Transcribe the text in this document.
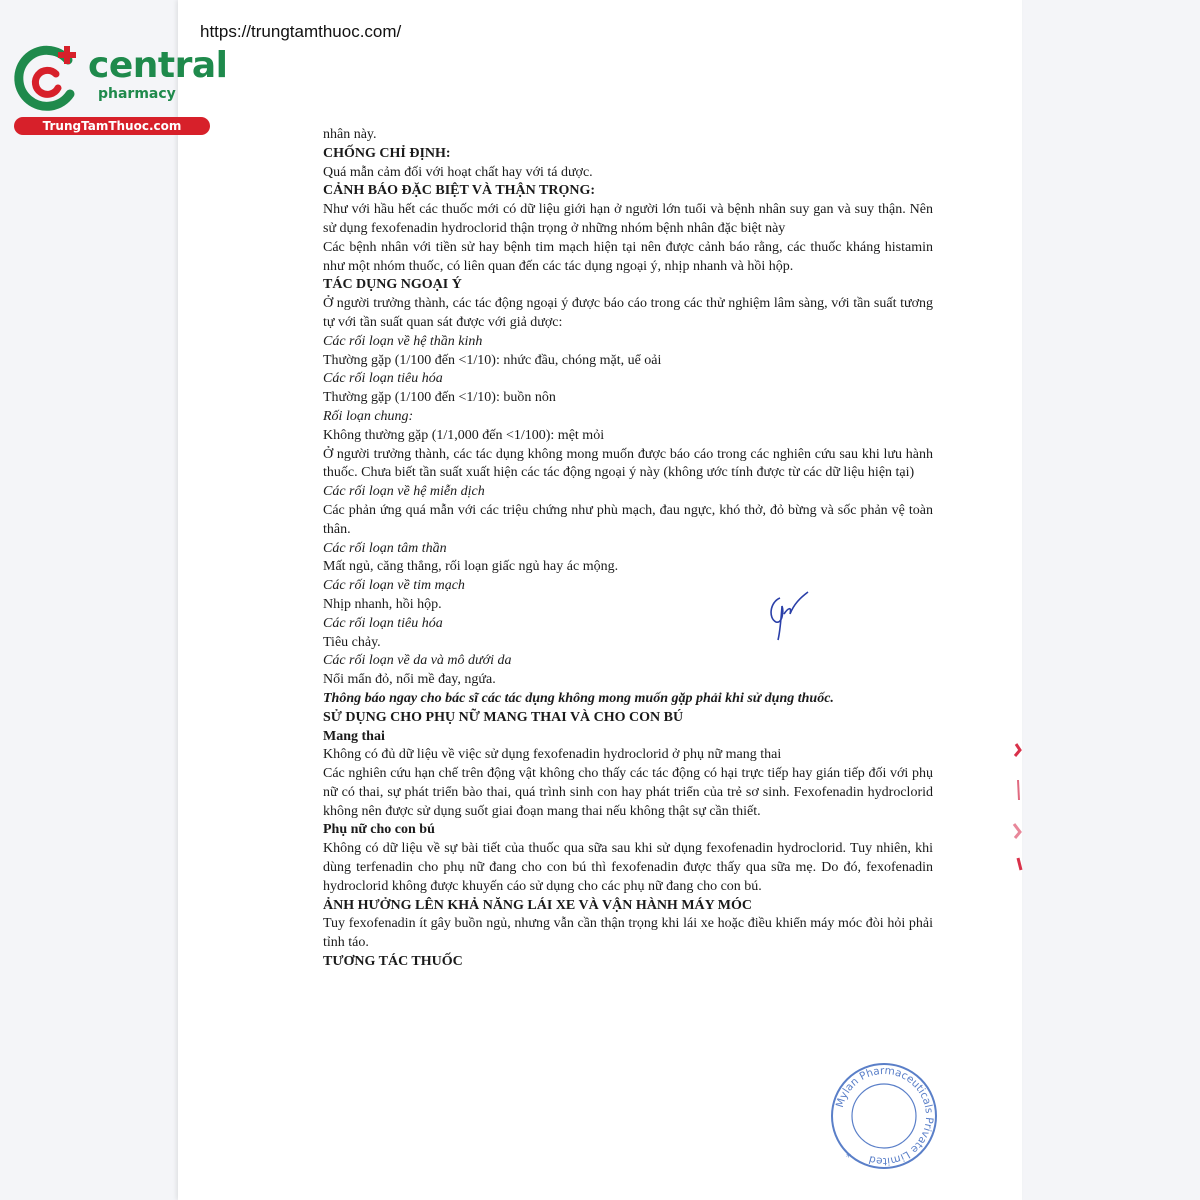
https://trungtamthuoc.com/
central
pharmacy
TrungTamThuoc.com

nhân này.

CHỐNG CHỈ ĐỊNH:

Quá mẫn cảm đối với hoạt chất hay với tá dược.

CẢNH BÁO ĐẶC BIỆT VÀ THẬN TRỌNG:

Như với hầu hết các thuốc mới có dữ liệu giới hạn ở người lớn tuổi và bệnh nhân suy gan và suy thận. Nên sử dụng fexofenadin hydroclorid thận trọng ở những nhóm bệnh nhân đặc biệt này

Các bệnh nhân với tiền sử hay bệnh tim mạch hiện tại nên được cảnh báo rằng, các thuốc kháng histamin như một nhóm thuốc, có liên quan đến các tác dụng ngoại ý, nhịp nhanh và hồi hộp.

TÁC DỤNG NGOẠI Ý

Ở người trưởng thành, các tác động ngoại ý được báo cáo trong các thử nghiệm lâm sàng, với tần suất tương tự với tần suất quan sát được với giả dược:

Các rối loạn về hệ thần kinh

Thường gặp (1/100 đến <1/10): nhức đầu, chóng mặt, uể oải

Các rối loạn tiêu hóa

Thường gặp (1/100 đến <1/10): buồn nôn

Rối loạn chung:

Không thường gặp (1/1,000 đến <1/100): mệt mỏi

Ở người trưởng thành, các tác dụng không mong muốn được báo cáo trong các nghiên cứu sau khi lưu hành thuốc. Chưa biết tần suất xuất hiện các tác động ngoại ý này (không ước tính được từ các dữ liệu hiện tại)

Các rối loạn về hệ miễn dịch

Các phản ứng quá mẫn với các triệu chứng như phù mạch, đau ngực, khó thở, đỏ bừng và sốc phản vệ toàn thân.

Các rối loạn tâm thần

Mất ngủ, căng thẳng, rối loạn giấc ngủ hay ác mộng.

Các rối loạn về tim mạch

Nhịp nhanh, hồi hộp.

Các rối loạn tiêu hóa

Tiêu chảy.

Các rối loạn về da và mô dưới da

Nổi mẩn đỏ, nổi mề đay, ngứa.

Thông báo ngay cho bác sĩ các tác dụng không mong muốn gặp phải khi sử dụng thuốc.

SỬ DỤNG CHO PHỤ NỮ MANG THAI VÀ CHO CON BÚ

Mang thai

Không có đủ dữ liệu về việc sử dụng fexofenadin hydroclorid ở phụ nữ mang thai

Các nghiên cứu hạn chế trên động vật không cho thấy các tác động có hại trực tiếp hay gián tiếp đối với phụ nữ có thai, sự phát triển bào thai, quá trình sinh con hay phát triển của trẻ sơ sinh. Fexofenadin hydroclorid không nên được sử dụng suốt giai đoạn mang thai nếu không thật sự cần thiết.

Phụ nữ cho con bú

Không có dữ liệu về sự bài tiết của thuốc qua sữa sau khi sử dụng fexofenadin hydroclorid. Tuy nhiên, khi dùng terfenadin cho phụ nữ đang cho con bú thì fexofenadin được thấy qua sữa mẹ. Do đó, fexofenadin hydroclorid không được khuyến cáo sử dụng cho các phụ nữ đang cho con bú.

ẢNH HƯỞNG LÊN KHẢ NĂNG LÁI XE VÀ VẬN HÀNH MÁY MÓC

Tuy fexofenadin ít gây buồn ngủ, nhưng vẫn cần thận trọng khi lái xe hoặc điều khiển máy móc đòi hỏi phải tỉnh táo.

TƯƠNG TÁC THUỐC

Mylan Pharmaceuticals Private Limited
*
